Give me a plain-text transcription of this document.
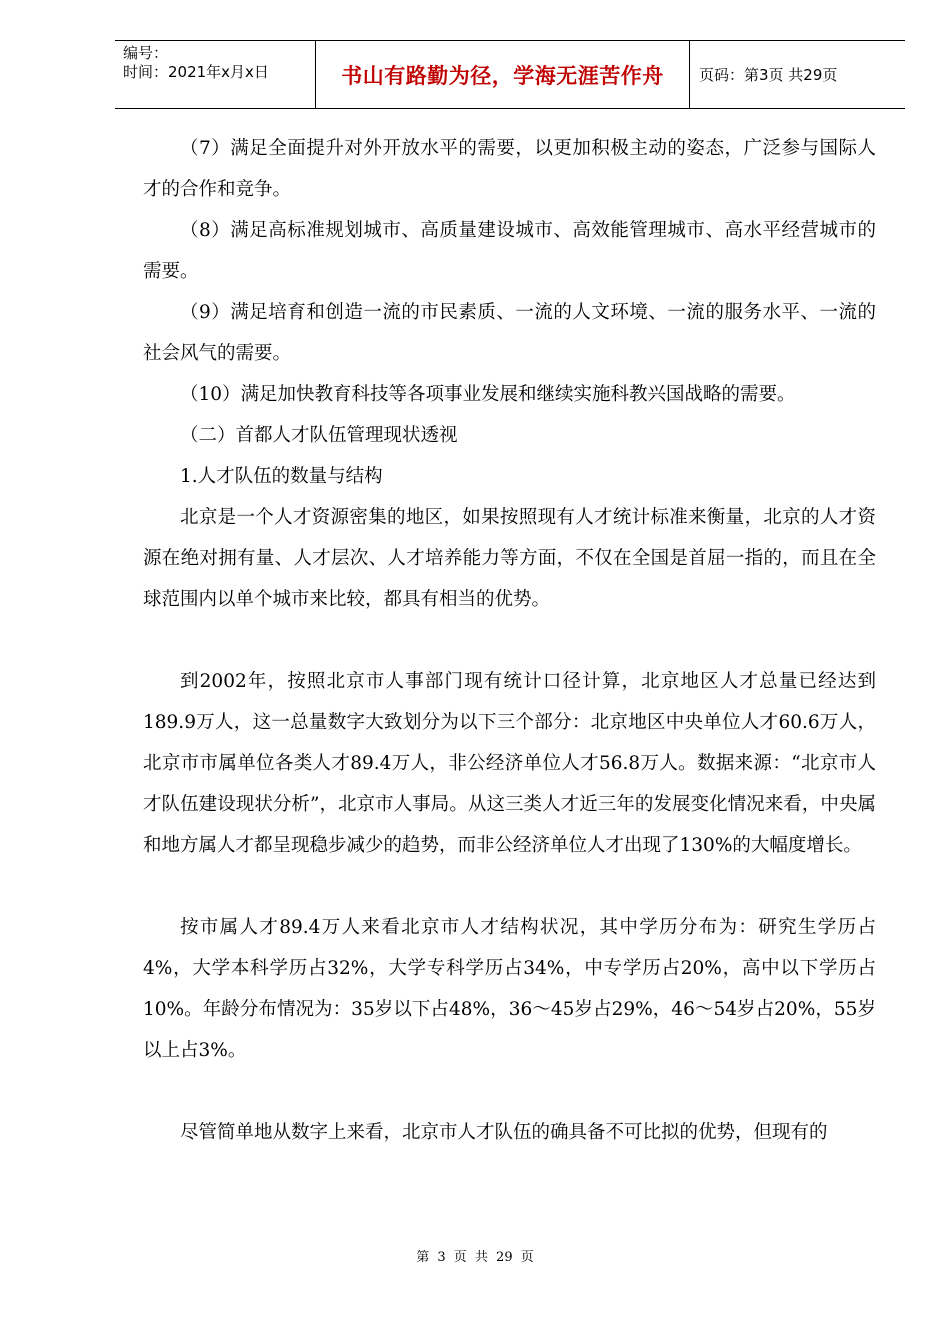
编号：
时间：2021年x月x日	书山有路勤为径，学海无涯苦作舟 页码：第3页 共29页

（7）满足全面提升对外开放水平的需要，以更加积极主动的姿态，广泛参与国际人才的合作和竞争。

（8）满足高标准规划城市、高质量建设城市、高效能管理城市、高水平经营城市的需要。

（9）满足培育和创造一流的市民素质、一流的人文环境、一流的服务水平、一流的社会风气的需要。

（10）满足加快教育科技等各项事业发展和继续实施科教兴国战略的需要。

（二）首都人才队伍管理现状透视

1.人才队伍的数量与结构

北京是一个人才资源密集的地区，如果按照现有人才统计标准来衡量，北京的人才资源在绝对拥有量、人才层次、人才培养能力等方面，不仅在全国是首屈一指的，而且在全球范围内以单个城市来比较，都具有相当的优势。

到2002年，按照北京市人事部门现有统计口径计算，北京地区人才总量已经达到189.9万人，这一总量数字大致划分为以下三个部分：北京地区中央单位人才60.6万人，北京市市属单位各类人才89.4万人，非公经济单位人才56.8万人。数据来源：“北京市人才队伍建设现状分析”，北京市人事局。从这三类人才近三年的发展变化情况来看，中央属和地方属人才都呈现稳步减少的趋势，而非公经济单位人才出现了130%的大幅度增长。

按市属人才89.4万人来看北京市人才结构状况，其中学历分布为：研究生学历占4%，大学本科学历占32%，大学专科学历占34%，中专学历占20%，高中以下学历占10%。年龄分布情况为：35岁以下占48%，36～45岁占29%，46～54岁占20%，55岁以上占3%。

尽管简单地从数字上来看，北京市人才队伍的确具备不可比拟的优势，但现有的

第 3 页 共 29 页
